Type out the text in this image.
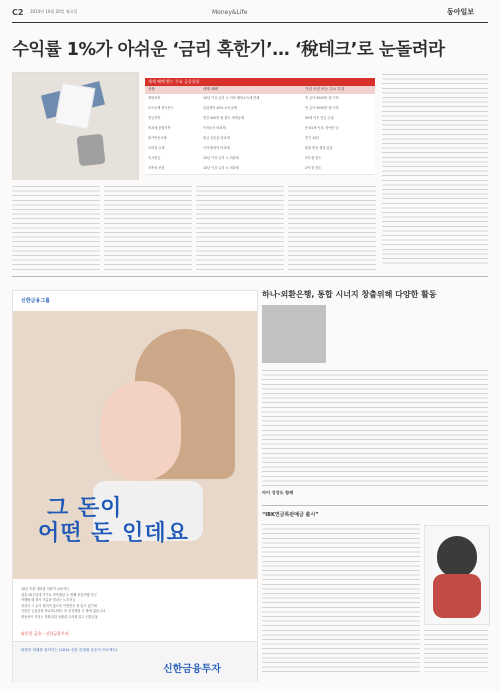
C2 2014년 10월 20일 월요일	Money&Life	동아일보
수익률 1%가 아쉬운 ‘금리 혹한기’… ‘稅테크’로 눈돌려라
세제 혜택 받는 주요 금융상품
상품	세제 혜택	가입 조건 또는 주요 특징
재형저축	10년 이상 유지 시 이자·배당소득세 면제	연 급여 5000만 원 이하
소득공제 장기펀드	납입액의 40% 소득공제	연 급여 5000만 원 이하
연금저축	연간 400만 원 한도 세액공제	55세 이후 연금 수령
비과세 종합저축	이자소득 비과세	만 61세 이상, 장애인 등
물가연동국채	원금 상승분 비과세	만기 10년
브라질 국채	이자·환차익 비과세	환율 변동 위험 있음
즉시연금	10년 이상 유지 시 비과세	2억 원 한도
저축성 보험	10년 이상 유지 시 비과세	2억 원 한도
신한금융그룹
그 돈이
어떤 돈 인데요
10년 후를 대비한 어린이 교육자금
결혼 20주년에 가기로 약속했던 두 번째 신혼여행 자금
여행할 때 회사 이름을 빌리는 노후자금
당신의 그 돈이 헐리지 않도록 이번만은 잘 알고 있기에
신한은 금융상품 하나하나에도 더 신중해질 수 밖에 없습니다
변동성이 커지는 불확실한 상황을 두려워 말고 신한금융
따뜻한 금융 - 신한금융투자
따뜻한 미래를 열어가는 (2014 신한 증권형 증수익 프로젝트)
신한금융투자
하나·외환은행, 통합 시너지 창출위해 다양한 활동
아이 성장도 함께
“IBK연금특판예금 출시”
